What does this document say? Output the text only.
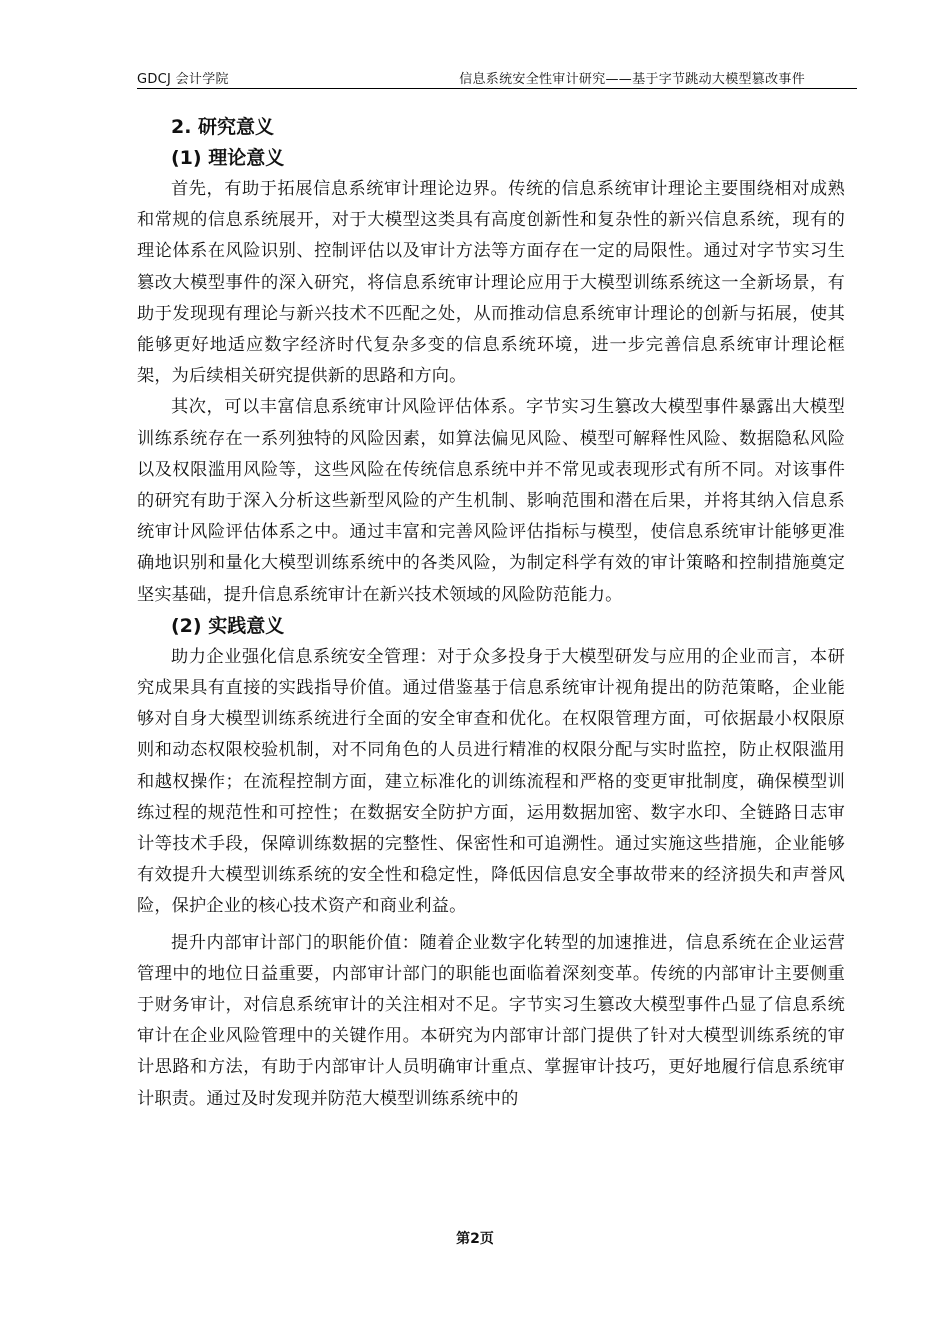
GDCJ 会计学院	信息系统安全性审计研究——基于字节跳动大模型篡改事件
2. 研究意义
(1) 理论意义

首先，有助于拓展信息系统审计理论边界。传统的信息系统审计理论主要围绕相对成熟和常规的信息系统展开，对于大模型这类具有高度创新性和复杂性的新兴信息系统，现有的理论体系在风险识别、控制评估以及审计方法等方面存在一定的局限性。通过对字节实习生篡改大模型事件的深入研究，将信息系统审计理论应用于大模型训练系统这一全新场景，有助于发现现有理论与新兴技术不匹配之处，从而推动信息系统审计理论的创新与拓展，使其能够更好地适应数字经济时代复杂多变的信息系统环境，进一步完善信息系统审计理论框架，为后续相关研究提供新的思路和方向。

其次，可以丰富信息系统审计风险评估体系。字节实习生篡改大模型事件暴露出大模型训练系统存在一系列独特的风险因素，如算法偏见风险、模型可解释性风险、数据隐私风险以及权限滥用风险等，这些风险在传统信息系统中并不常见或表现形式有所不同。对该事件的研究有助于深入分析这些新型风险的产生机制、影响范围和潜在后果，并将其纳入信息系统审计风险评估体系之中。通过丰富和完善风险评估指标与模型，使信息系统审计能够更准确地识别和量化大模型训练系统中的各类风险，为制定科学有效的审计策略和控制措施奠定坚实基础，提升信息系统审计在新兴技术领域的风险防范能力。

(2) 实践意义

助力企业强化信息系统安全管理：对于众多投身于大模型研发与应用的企业而言，本研究成果具有直接的实践指导价值。通过借鉴基于信息系统审计视角提出的防范策略，企业能够对自身大模型训练系统进行全面的安全审查和优化。在权限管理方面，可依据最小权限原则和动态权限校验机制，对不同角色的人员进行精准的权限分配与实时监控，防止权限滥用和越权操作；在流程控制方面，建立标准化的训练流程和严格的变更审批制度，确保模型训练过程的规范性和可控性；在数据安全防护方面，运用数据加密、数字水印、全链路日志审计等技术手段，保障训练数据的完整性、保密性和可追溯性。通过实施这些措施，企业能够有效提升大模型训练系统的安全性和稳定性，降低因信息安全事故带来的经济损失和声誉风险，保护企业的核心技术资产和商业利益。

提升内部审计部门的职能价值：随着企业数字化转型的加速推进，信息系统在企业运营管理中的地位日益重要，内部审计部门的职能也面临着深刻变革。传统的内部审计主要侧重于财务审计，对信息系统审计的关注相对不足。字节实习生篡改大模型事件凸显了信息系统审计在企业风险管理中的关键作用。本研究为内部审计部门提供了针对大模型训练系统的审计思路和方法，有助于内部审计人员明确审计重点、掌握审计技巧，更好地履行信息系统审计职责。通过及时发现并防范大模型训练系统中的

第2页
